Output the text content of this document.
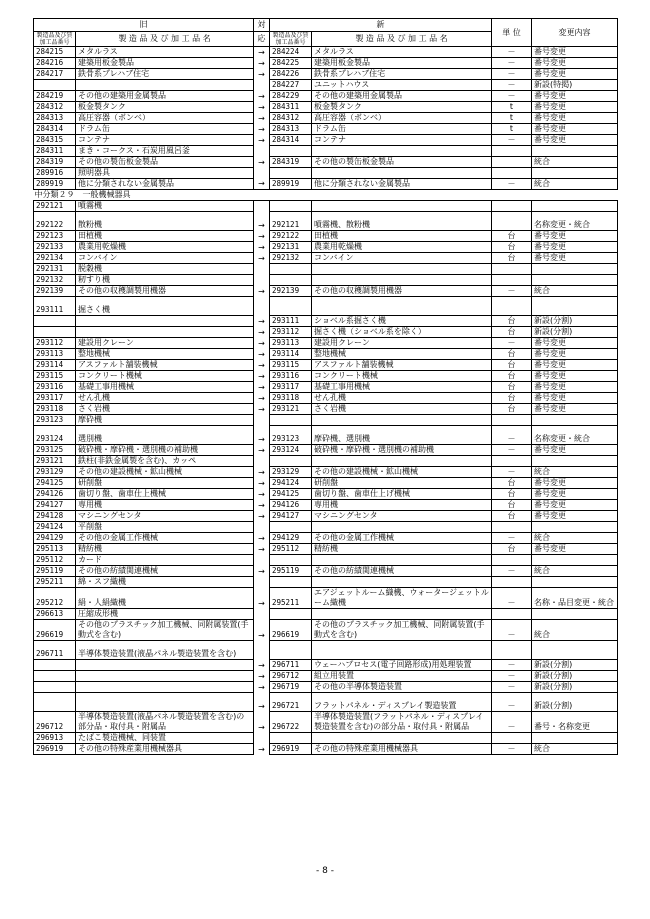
旧		対	新		単 位	変更内容
製造品及び賃 加工品番号	製 造 品 及 び 加 工 品 名	応	製造品及び賃 加工品番号	製 造 品 及 び 加 工 品 名		
284215	メタルラス	→	284224	メタルラス	－	番号変更
284216	建築用板金製品	→	284225	建築用板金製品	－	番号変更
284217	鉄骨系プレハブ住宅	→	284226	鉄骨系プレハブ住宅	－	番号変更
			284227	ユニットハウス	－	新設(特掲)
284219	その他の建築用金属製品	→	284229	その他の建築用金属製品	－	番号変更
284312	板金製タンク	→	284311	板金製タンク	t	番号変更
284313	高圧容器（ボンベ）	→	284312	高圧容器（ボンベ）	t	番号変更
284314	ドラム缶	→	284313	ドラム缶	t	番号変更
284315	コンテナ	→	284314	コンテナ	－	番号変更
284311	まき・コークス・石炭用風呂釜					
284319	その他の製缶板金製品	→	284319	その他の製缶板金製品		統合
289916	照明器具					
289919	他に分類されない金属製品	→	289919	他に分類されない金属製品	－	統合
中分類２９　一般機械器具						
292121	噴霧機					
292122	散粉機	→	292121	噴霧機、散粉機		名称変更・統合
292123	田植機	→	292122	田植機	台	番号変更
292133	農業用乾燥機	→	292131	農業用乾燥機	台	番号変更
292134	コンバイン	→	292132	コンバイン	台	番号変更
292131	脱穀機					
292132	籾すり機					
292139	その他の収穫調製用機器	→	292139	その他の収穫調製用機器	－	統合
293111	掘さく機					
		→	293111	ショベル系掘さく機	台	新設(分割)
		→	293112	掘さく機（ショベル系を除く）	台	新設(分割)
293112	建設用クレーン	→	293113	建設用クレーン	－	番号変更
293113	整地機械	→	293114	整地機械	台	番号変更
293114	アスファルト舗装機械	→	293115	アスファルト舗装機械	台	番号変更
293115	コンクリート機械	→	293116	コンクリート機械	台	番号変更
293116	基礎工事用機械	→	293117	基礎工事用機械	台	番号変更
293117	せん孔機	→	293118	せん孔機	台	番号変更
293118	さく岩機	→	293121	さく岩機	台	番号変更
293123	摩砕機					
293124	選別機	→	293123	摩砕機、選別機	－	名称変更・統合
293125	破砕機・摩砕機・選別機の補助機	→	293124	破砕機・摩砕機・選別機の補助機	－	番号変更
293121	鉄柱(非鉄金属製を含む)、カッペ					
293129	その他の建設機械・鉱山機械	→	293129	その他の建設機械・鉱山機械	－	統合
294125	研削盤	→	294124	研削盤	台	番号変更
294126	歯切り盤、歯車仕上機械	→	294125	歯切り盤、歯車仕上げ機械	台	番号変更
294127	専用機	→	294126	専用機	台	番号変更
294128	マシニングセンタ	→	294127	マシニングセンタ	台	番号変更
294124	平削盤					
294129	その他の金属工作機械	→	294129	その他の金属工作機械	－	統合
295113	精紡機	→	295112	精紡機	台	番号変更
295112	カード					
295119	その他の紡績関連機械	→	295119	その他の紡績関連機械	－	統合
295211	綿・スフ織機					
295212	絹・人絹織機	→	295211	エアジェットルーム織機、ウォータージェットルーム織機	－	名称・品目変更・統合
296613	圧縮成形機					
296619	その他のプラスチック加工機械、同附属装置(手動式を含む)	→	296619	その他のプラスチック加工機械、同附属装置(手動式を含む)	－	統合
296711	半導体製造装置(液晶パネル製造装置を含む)					
		→	296711	ウェーハプロセス(電子回路形成)用処理装置	－	新設(分割)
		→	296712	組立用装置	－	新設(分割)
		→	296719	その他の半導体製造装置	－	新設(分割)
		→	296721	フラットパネル・ディスプレイ製造装置	－	新設(分割)
296712	半導体製造装置(液晶パネル製造装置を含む)の部分品・取付具・附属品	→	296722	半導体製造装置(フラットパネル・ディスプレイ製造装置を含む)の部分品・取付具・附属品	－	番号・名称変更
296913	たばこ製造機械、同装置					
296919	その他の特殊産業用機械器具	→	296919	その他の特殊産業用機械器具	－	統合
- 8 -
